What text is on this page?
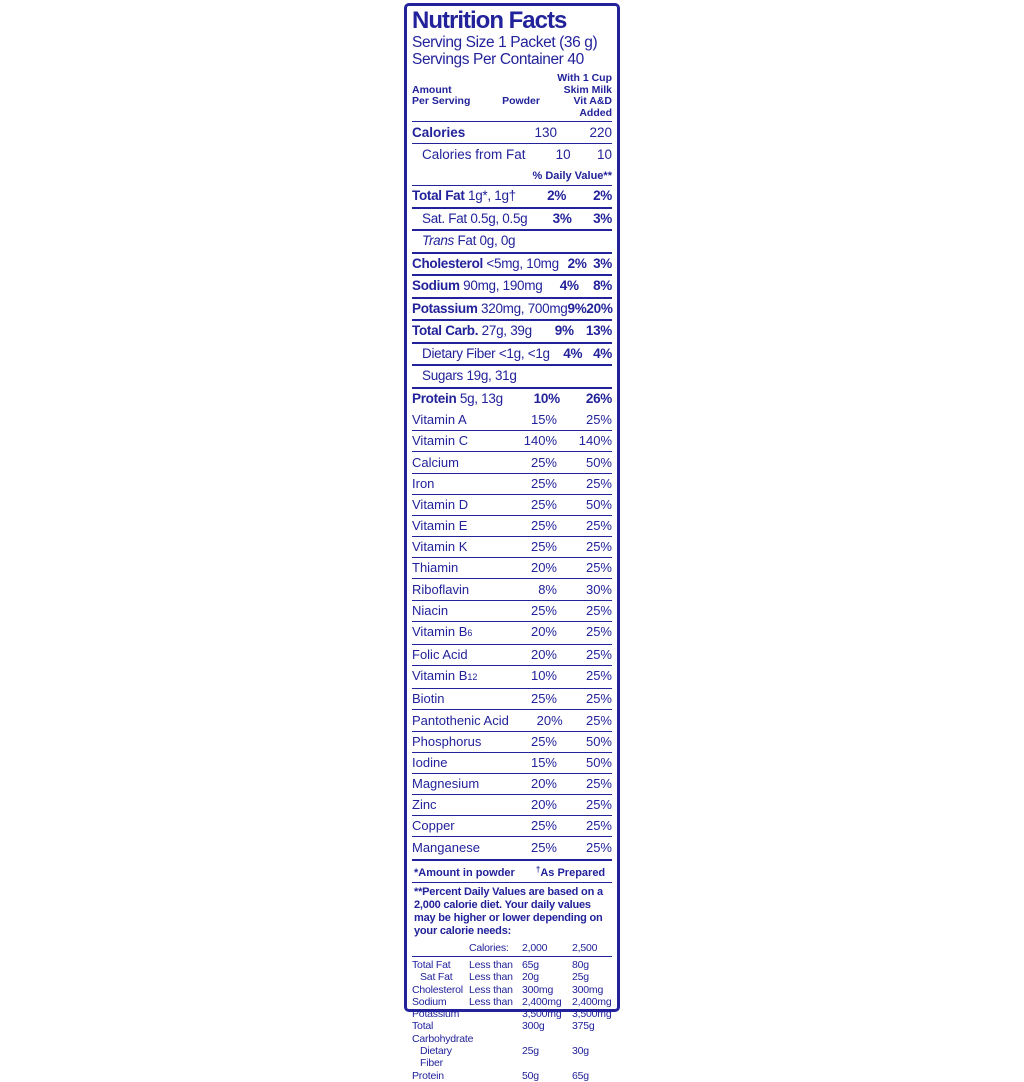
Nutrition Facts
Serving Size 1 Packet (36 g)
Servings Per Container 40
With 1 Cup
Amount	Skim Milk
Per Serving	Powder	Vit A&D Added
Calories	130	220
Calories from Fat	10	10
% Daily Value**
Total Fat 1g*, 1g†	2%	2%
Sat. Fat 0.5g, 0.5g	3%	3%
Trans Fat 0g, 0g
Cholesterol <5mg, 10mg 2% 3%
Sodium 90mg, 190mg	4%	8%
Potassium 320mg, 700mg 9% 20%
Total Carb. 27g, 39g	9% 13%
Dietary Fiber <1g, <1g	4% 4%
Sugars 19g, 31g
Protein 5g, 13g	10%	26%
Vitamin A	15%	25%
Vitamin C	140%	140%
Calcium	25%	50%
Iron	25%	25%
Vitamin D	25%	50%
Vitamin E	25%	25%
Vitamin K	25%	25%
Thiamin	20%	25%
Riboflavin	8%	30%
Niacin	25%	25%
Vitamin B6	20%	25%
Folic Acid	20%	25%
Vitamin B12	10%	25%
Biotin	25%	25%
Pantothenic Acid	20%	25%
Phosphorus	25%	50%
Iodine	15%	50%
Magnesium	20%	25%
Zinc	20%	25%
Copper	25%	25%
Manganese	25%	25%
*Amount in powder	†As Prepared
**Percent Daily Values are based on a 2,000 calorie diet. Your daily values may be higher or lower depending on your calorie needs:
Calories:	2,000	2,500
Total Fat	Less than 65g	80g
Sat Fat	Less than 20g	25g
Cholesterol Less than 300mg	300mg
Sodium	Less than 2,400mg	2,400mg
Potassium	3,500mg	3,500mg
Total Carbohydrate
300g	375g
Dietary Fiber
25g	30g
Protein	50g	65g
